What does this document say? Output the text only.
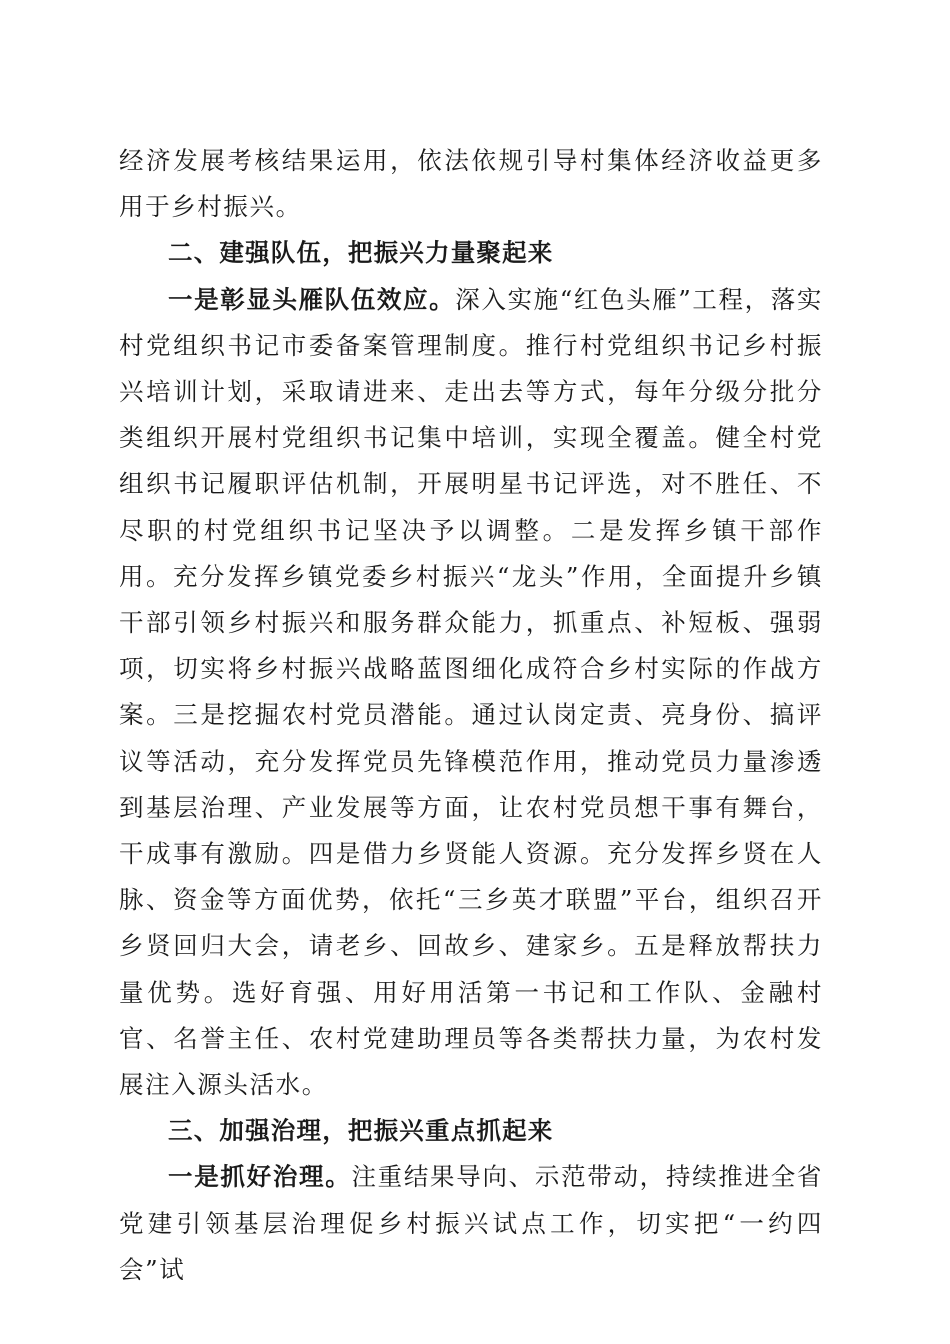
经济发展考核结果运用，依法依规引导村集体经济收益更多用于乡村振兴。

二、建强队伍，把振兴力量聚起来

一是彰显头雁队伍效应。深入实施“红色头雁”工程，落实村党组织书记市委备案管理制度。推行村党组织书记乡村振兴培训计划，采取请进来、走出去等方式，每年分级分批分类组织开展村党组织书记集中培训，实现全覆盖。健全村党组织书记履职评估机制，开展明星书记评选，对不胜任、不尽职的村党组织书记坚决予以调整。二是发挥乡镇干部作用。充分发挥乡镇党委乡村振兴“龙头”作用，全面提升乡镇干部引领乡村振兴和服务群众能力，抓重点、补短板、强弱项，切实将乡村振兴战略蓝图细化成符合乡村实际的作战方案。三是挖掘农村党员潜能。通过认岗定责、亮身份、搞评议等活动，充分发挥党员先锋模范作用，推动党员力量渗透到基层治理、产业发展等方面，让农村党员想干事有舞台，干成事有激励。四是借力乡贤能人资源。充分发挥乡贤在人脉、资金等方面优势，依托“三乡英才联盟”平台，组织召开乡贤回归大会，请老乡、回故乡、建家乡。五是释放帮扶力量优势。选好育强、用好用活第一书记和工作队、金融村官、名誉主任、农村党建助理员等各类帮扶力量，为农村发展注入源头活水。

三、加强治理，把振兴重点抓起来

一是抓好治理。注重结果导向、示范带动，持续推进全省党建引领基层治理促乡村振兴试点工作，切实把“一约四会”试
